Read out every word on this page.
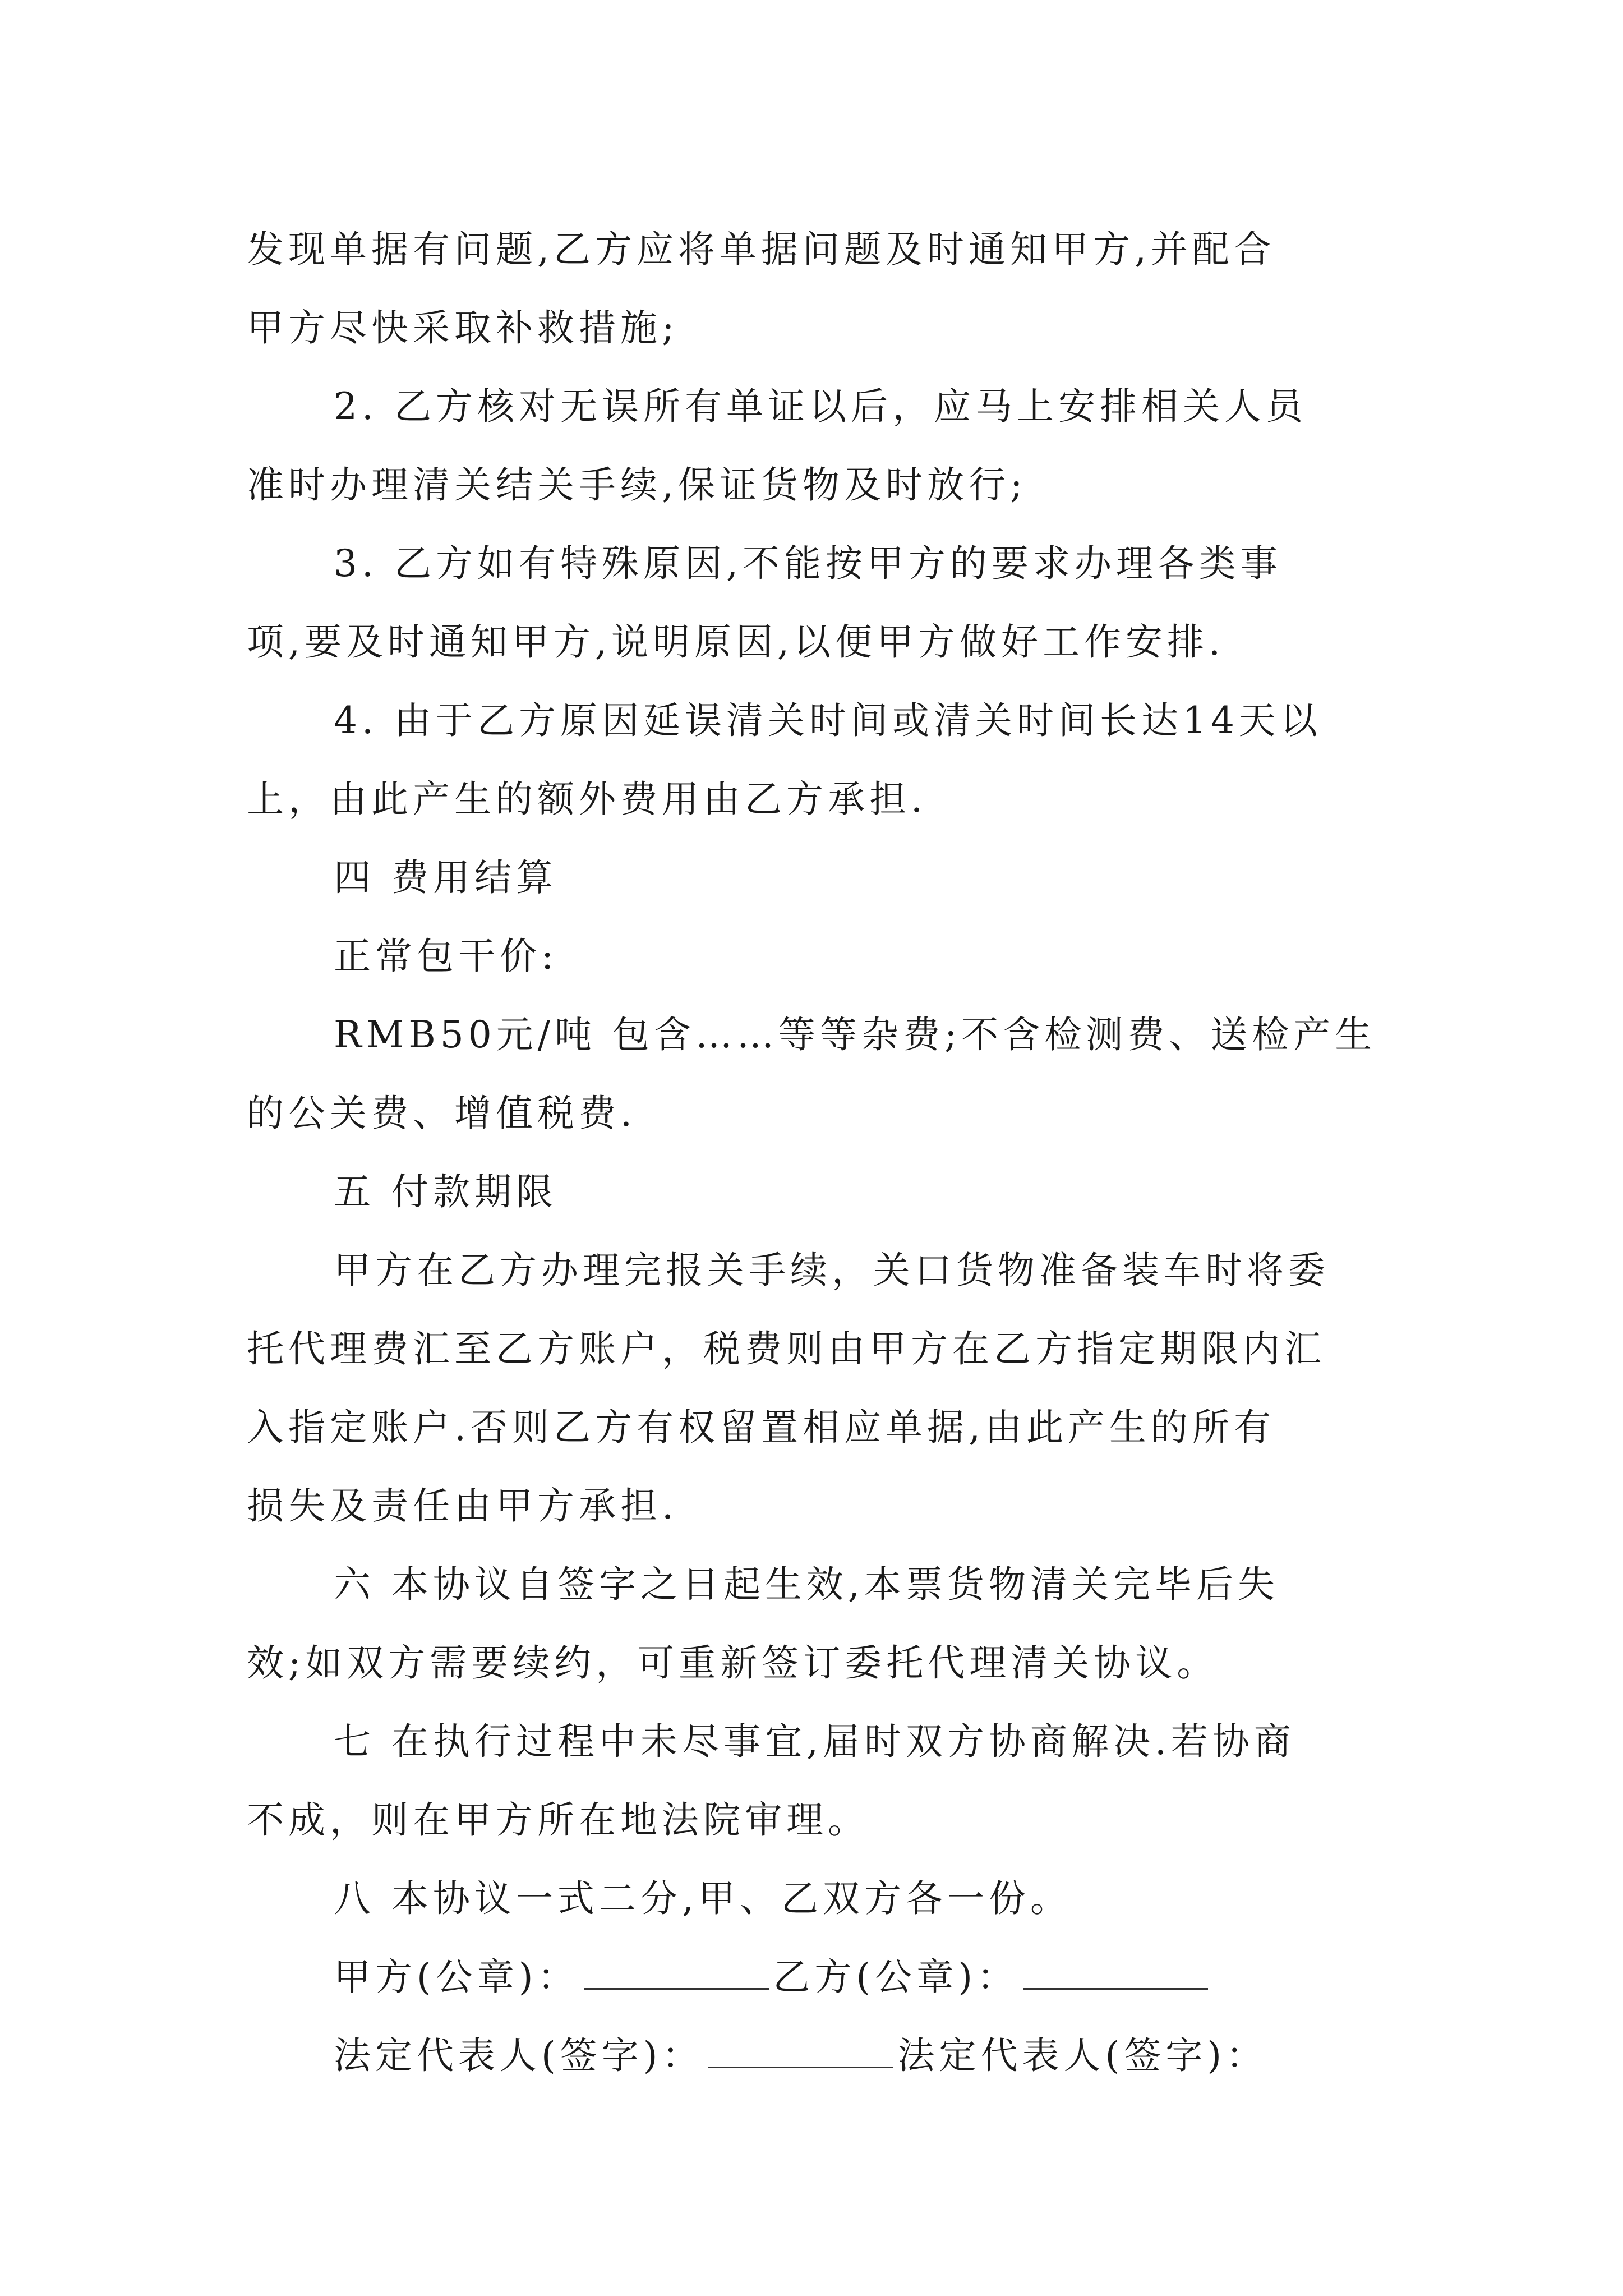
发现单据有问题,乙方应将单据问题及时通知甲方,并配合
甲方尽快采取补救措施;
2. 乙方核对无误所有单证以后，应马上安排相关人员
准时办理清关结关手续,保证货物及时放行;
3. 乙方如有特殊原因,不能按甲方的要求办理各类事
项,要及时通知甲方,说明原因,以便甲方做好工作安排.
4. 由于乙方原因延误清关时间或清关时间长达14天以
上，由此产生的额外费用由乙方承担.
四 费用结算
正常包干价:
RMB50元/吨 包含……等等杂费;不含检测费、送检产生
的公关费、增值税费.
五 付款期限
甲方在乙方办理完报关手续，关口货物准备装车时将委
托代理费汇至乙方账户，税费则由甲方在乙方指定期限内汇
入指定账户.否则乙方有权留置相应单据,由此产生的所有
损失及责任由甲方承担.
六 本协议自签字之日起生效,本票货物清关完毕后失
效;如双方需要续约，可重新签订委托代理清关协议。
七 在执行过程中未尽事宜,届时双方协商解决.若协商
不成，则在甲方所在地法院审理。
八 本协议一式二分,甲、乙双方各一份。
甲方(公章)：	乙方(公章)：
法定代表人(签字)：	法定代表人(签字)：
